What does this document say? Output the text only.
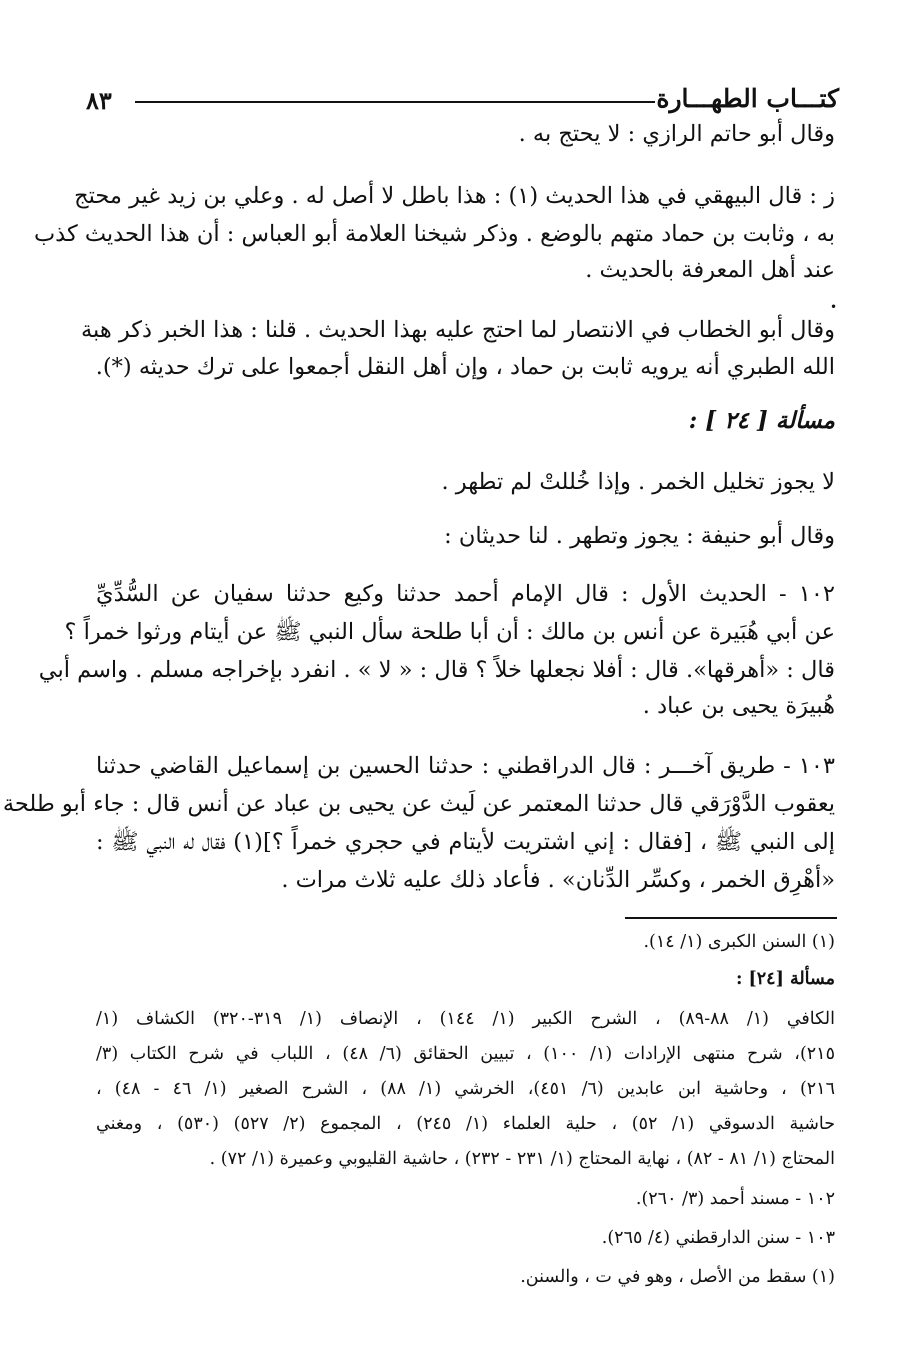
كتـــاب الطهـــارة
٨٣
وقال أبو حاتم الرازي : لا يحتج به .
ز : قال البيهقي في هذا الحديث (١) : هذا باطل لا أصل له . وعلي بن زيد غير محتج
به ، وثابت بن حماد متهم بالوضع . وذكر شيخنا العلامة أبو العباس : أن هذا الحديث كذب
عند أهل المعرفة بالحديث .
•
وقال أبو الخطاب في الانتصار لما احتج عليه بهذا الحديث . قلنا : هذا الخبر ذكر هبة
الله الطبري أنه يرويه ثابت بن حماد ، وإن أهل النقل أجمعوا على ترك حديثه (*).
مسألة [ ٢٤ ] :
لا يجوز تخليل الخمر . وإذا خُللتْ لم تطهر .
وقال أبو حنيفة : يجوز وتطهر . لنا حديثان :
١٠٢ - الحديث الأول : قال الإمام أحمد حدثنا وكيع حدثنا سفيان عن السُّدِّيِّ
عن أبي هُبَيرة عن أنس بن مالك : أن أبا طلحة سأل النبي ﷺ عن أيتام ورثوا خمراً ؟
قال : «أهرقها». قال : أفلا نجعلها خلاً ؟ قال : « لا » . انفرد بإخراجه مسلم . واسم أبي
هُبيرَة يحيى بن عباد .
١٠٣ - طريق آخـــر : قال الدراقطني : حدثنا الحسين بن إسماعيل القاضي حدثنا
يعقوب الدَّوْرَقي قال حدثنا المعتمر عن لَيث عن يحيى بن عباد عن أنس قال : جاء أبو طلحة
إلى النبي ﷺ ، [فقال : إني اشتريت لأيتام في حجري خمراً ؟](١) فقال له النبي ﷺ :
«أهْرِق الخمر ، وكسِّر الدِّنان» . فأعاد ذلك عليه ثلاث مرات .
(١) السنن الكبرى (١/ ١٤).
مسألة [٢٤] :
الكافي (١/ ٨٨-٨٩) ، الشرح الكبير (١/ ١٤٤) ، الإنصاف (١/ ٣١٩-٣٢٠) الكشاف (١/
٢١٥)، شرح منتهى الإرادات (١/ ١٠٠) ، تبيين الحقائق (٦/ ٤٨) ، اللباب في شرح الكتاب (٣/
٢١٦) ، وحاشية ابن عابدين (٦/ ٤٥١)، الخرشي (١/ ٨٨) ، الشرح الصغير (١/ ٤٦ - ٤٨) ،
حاشية الدسوقي (١/ ٥٢) ، حلية العلماء (١/ ٢٤٥) ، المجموع (٢/ ٥٢٧) (٥٣٠) ، ومغني
المحتاج (١/ ٨١ - ٨٢) ، نهاية المحتاج (١/ ٢٣١ - ٢٣٢) ، حاشية القليوبي وعميرة (١/ ٧٢) .
١٠٢ - مسند أحمد (٣/ ٢٦٠).
١٠٣ - سنن الدارقطني (٤/ ٢٦٥).
(١) سقط من الأصل ، وهو في ت ، والسنن.
